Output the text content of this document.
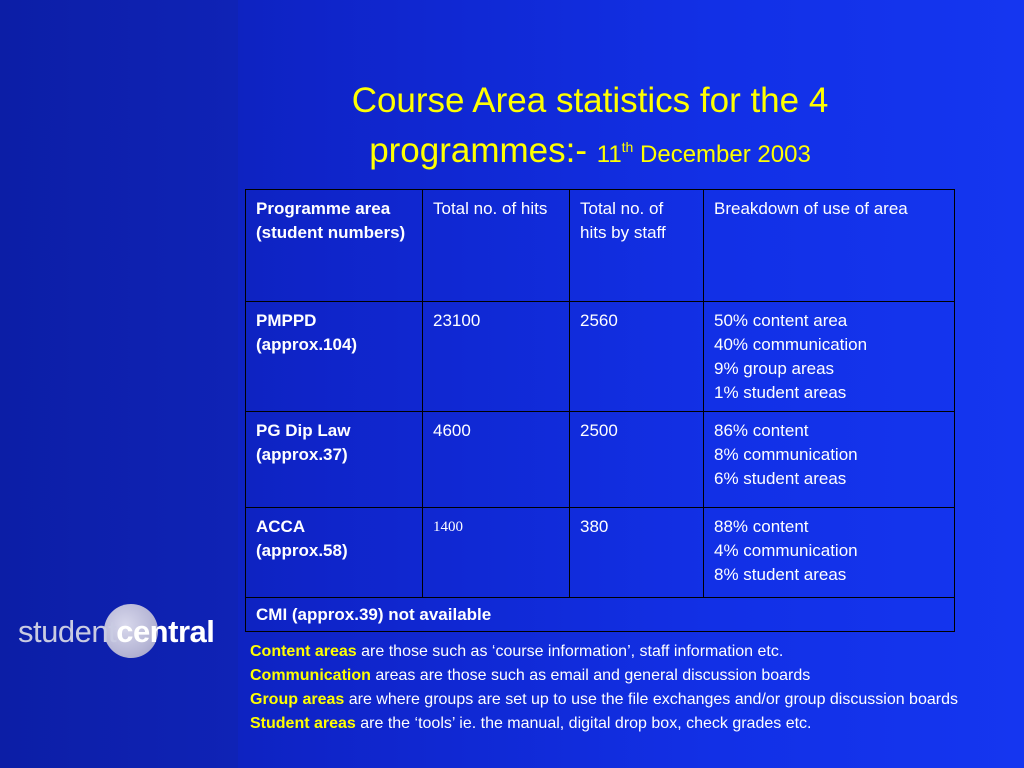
Course Area statistics for the 4
programmes:- 11th December 2003
Programme area (student numbers)	Total no. of hits	Total no. of hits by staff	Breakdown of use of area

PMPPD
(approx.104)	23100	2560	50% content area
40% communication
9% group areas
1% student areas

PG Dip Law
(approx.37)	4600	2500	86% content
8% communication
6% student areas

ACCA
(approx.58)	1400	380	88% content
4% communication
8% student areas

CMI (approx.39) not available			
studentcentral
Content areas are those such as ‘course information’, staff information etc.
Communication areas are those such as email and general discussion boards
Group areas are where groups are set up to use the file exchanges and/or group discussion boards
Student areas are the ‘tools’ ie. the manual, digital drop box, check grades etc.
